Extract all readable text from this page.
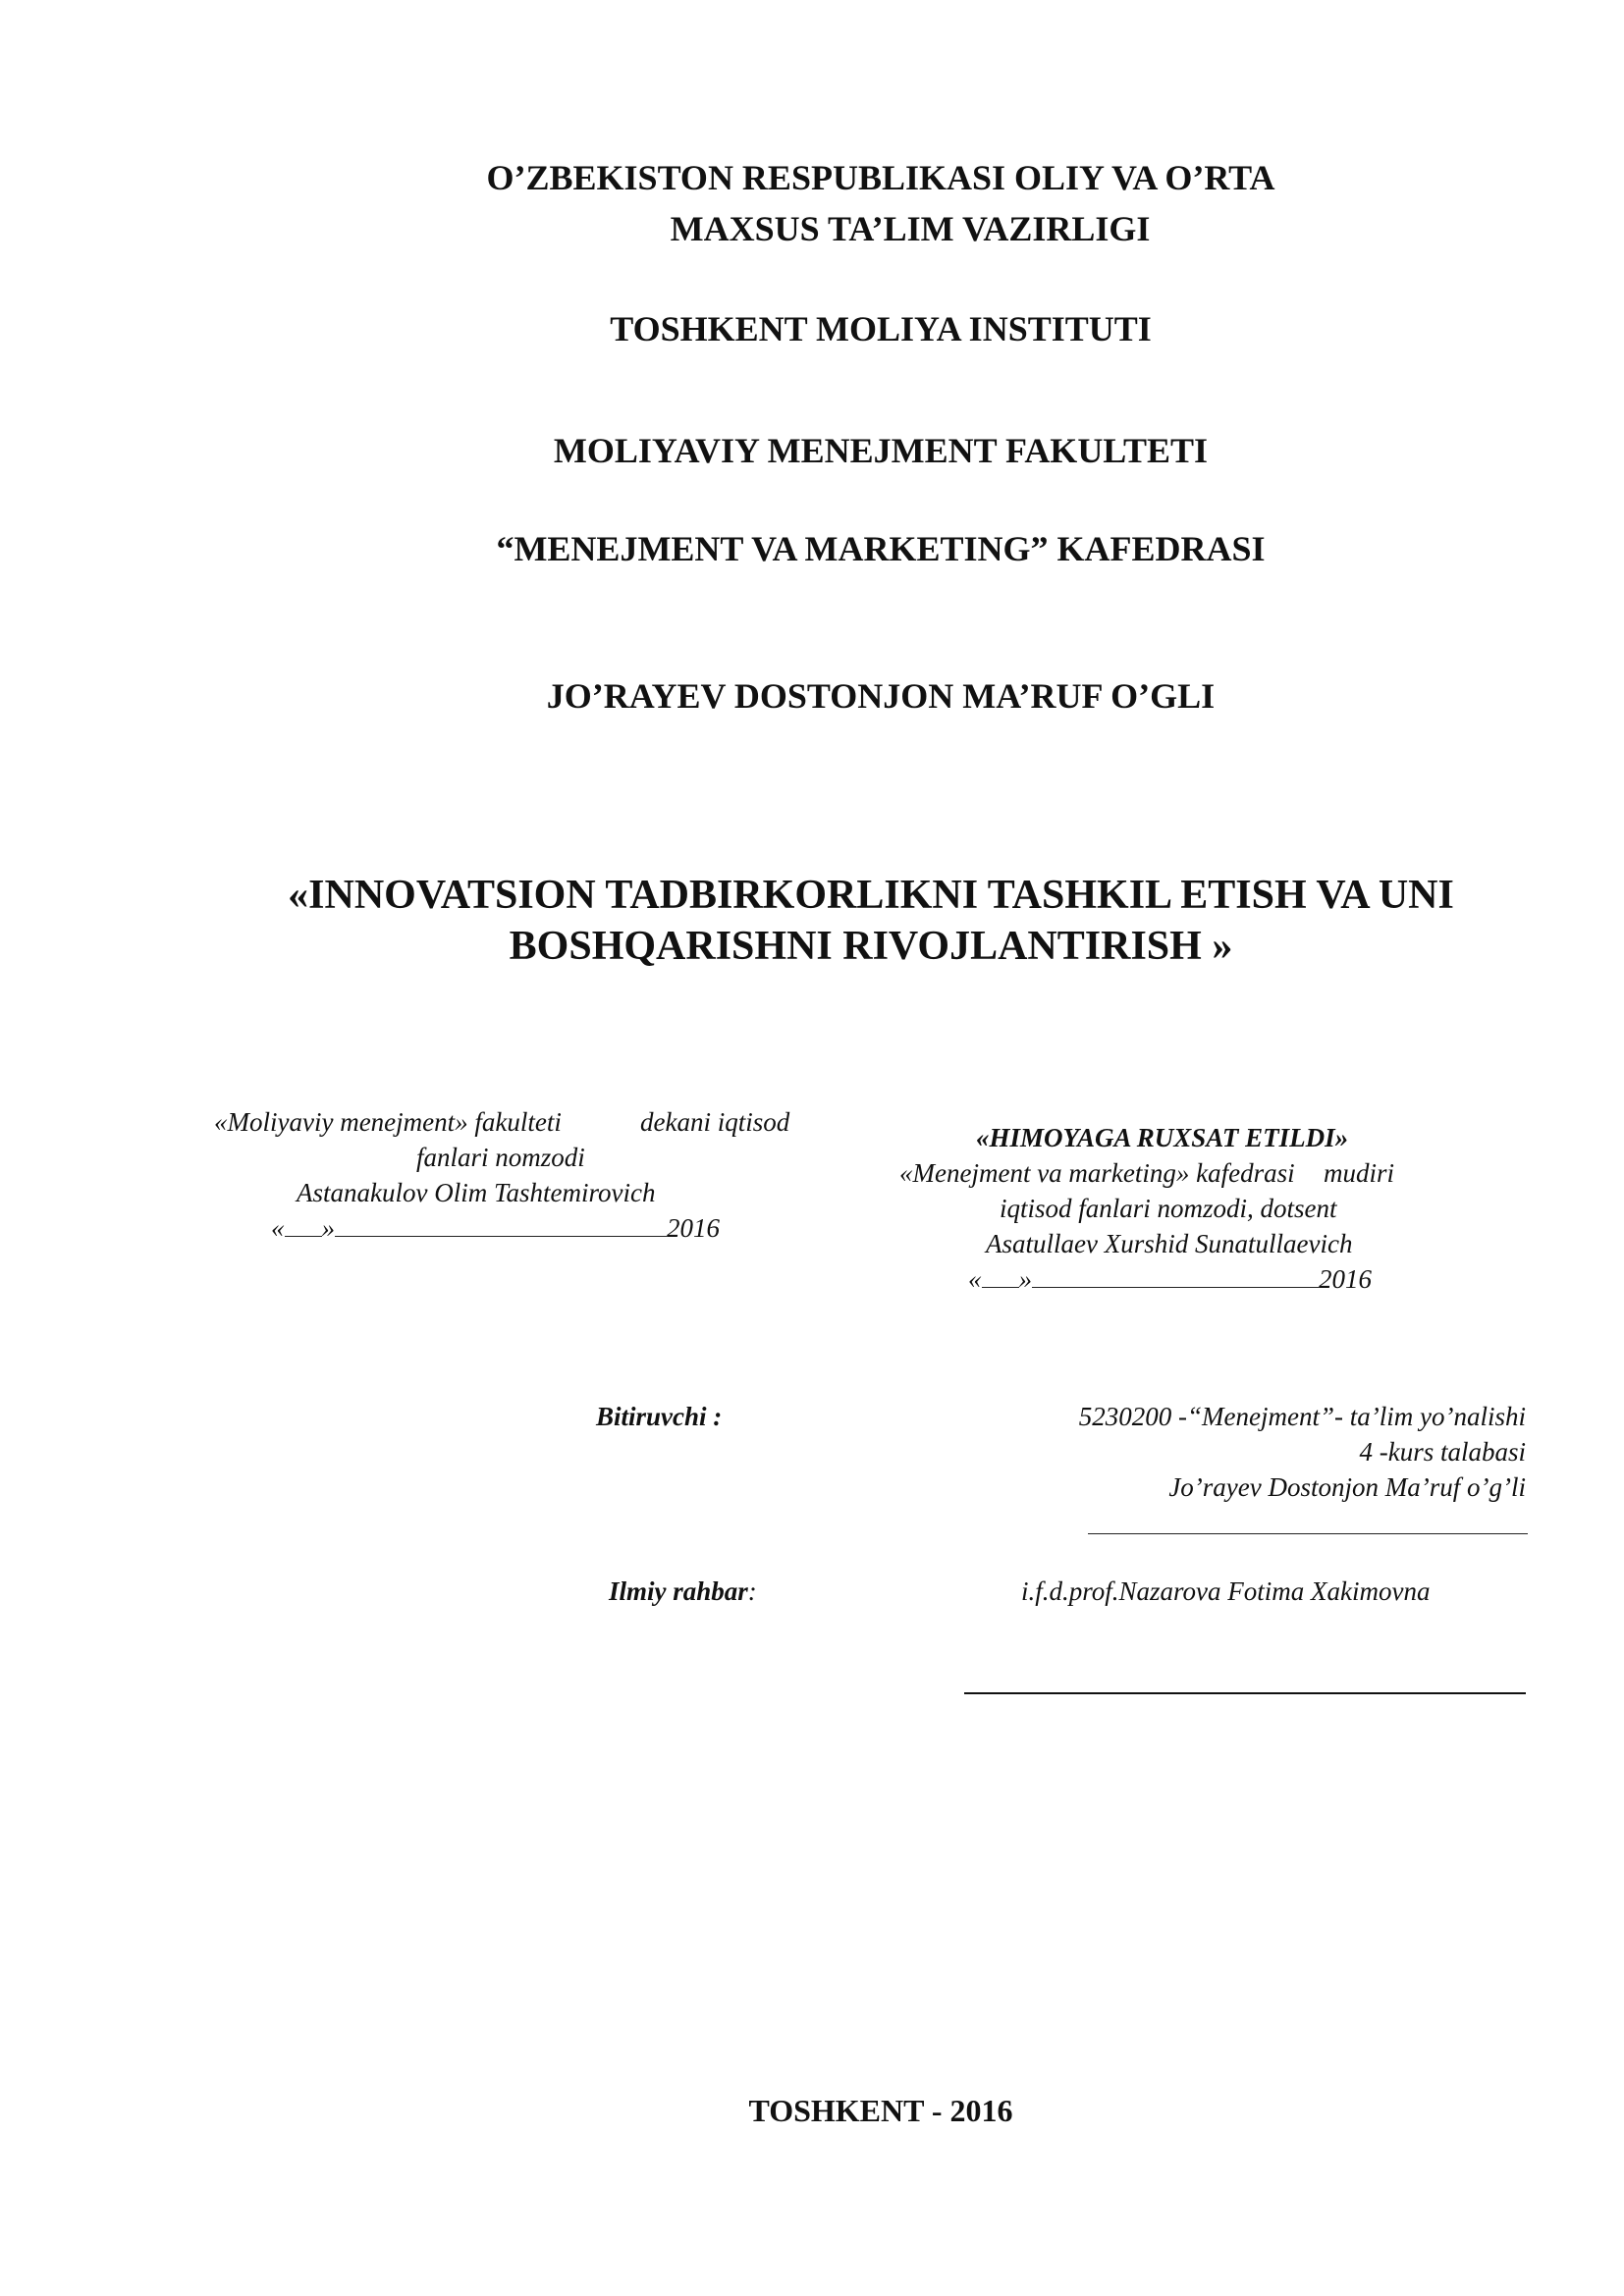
O’ZBEKISTON RESPUBLIKASI OLIY VA O’RTA
MAXSUS TA’LIM VAZIRLIGI
TOSHKENT MOLIYA INSTITUTI
MOLIYAVIY MENEJMENT FAKULTETI
“MENEJMENT VA MARKETING” KAFEDRASI
JO’RAYEV DOSTONJON MA’RUF O’GLI
«INNOVATSION TADBIRKORLIKNI TASHKIL ETISH VA UNI
BOSHQARISHNI RIVOJLANTIRISH »
«Moliyaviy menejment» fakulteti	dekani iqtisod
fanlari nomzodi
Astanakulov Olim Tashtemirovich
« »	2016
«HIMOYAGA RUXSAT ETILDI»
«Menejment va marketing» kafedrasi mudiri
iqtisod fanlari nomzodi, dotsent
Asatullaev Xurshid Sunatullaevich
« »	2016
Bitiruvchi :	5230200 -“Menejment”- ta’lim yo’nalishi
4 -kurs talabasi
Jo’rayev Dostonjon Ma’ruf o’g’li
Ilmiy rahbar:	i.f.d.prof.Nazarova Fotima Xakimovna
TOSHKENT - 2016
